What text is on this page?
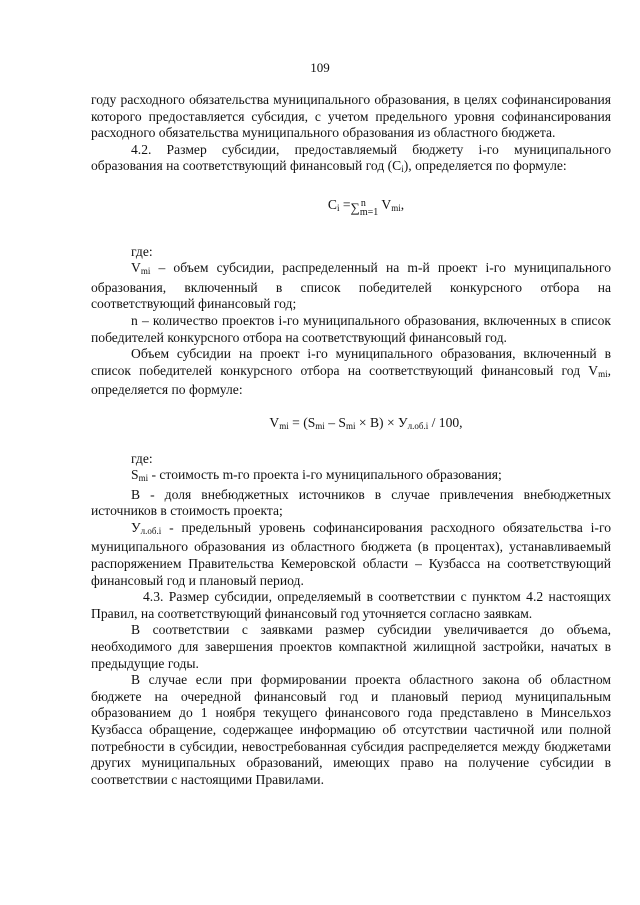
109

году расходного обязательства муниципального образования, в целях софинансирования которого предоставляется субсидия, с учетом предельного уровня софинансирования расходного обязательства муниципального образования из областного бюджета.

4.2. Размер субсидии, предоставляемый бюджету i-го муниципального образования на соответствующий финансовый год $(C_i)$, определяется по формуле:

$C_i =\sum^n_{m=1}$ $V_{mi}$,

где:

$V_{mi}$ – объем субсидии, распределенный на m-й проект i-го муниципального образования, включенный в список победителей конкурсного отбора на соответствующий финансовый год;

n – количество проектов i-го муниципального образования, включенных в список победителей конкурсного отбора на соответствующий финансовый год.

Объем субсидии на проект i-го муниципального образования, включенный в список победителей конкурсного отбора на соответствующий финансовый год $V_{mi}$, определяется по формуле:

$V_{mi} = (S_{mi} - S_{mi} \times B) \times У_{л.об.i} / 100$,

где:

$S_{mi}$ - стоимость m-го проекта i-го муниципального образования;

B - доля внебюджетных источников в случае привлечения внебюджетных источников в стоимость проекта;

$У_{л.об.i}$ - предельный уровень софинансирования расходного обязательства i-го муниципального образования из областного бюджета (в процентах), устанавливаемый распоряжением Правительства Кемеровской области – Кузбасса на соответствующий финансовый год и плановый период.

4.3. Размер субсидии, определяемый в соответствии с пунктом 4.2 настоящих Правил, на соответствующий финансовый год уточняется согласно заявкам.

В соответствии с заявками размер субсидии увеличивается до объема, необходимого для завершения проектов компактной жилищной застройки, начатых в предыдущие годы.

В случае если при формировании проекта областного закона об областном бюджете на очередной финансовый год и плановый период муниципальным образованием до 1 ноября текущего финансового года представлено в Минсельхоз Кузбасса обращение, содержащее информацию об отсутствии частичной или полной потребности в субсидии, невостребованная субсидия распределяется между бюджетами других муниципальных образований, имеющих право на получение субсидии в соответствии с настоящими Правилами.
